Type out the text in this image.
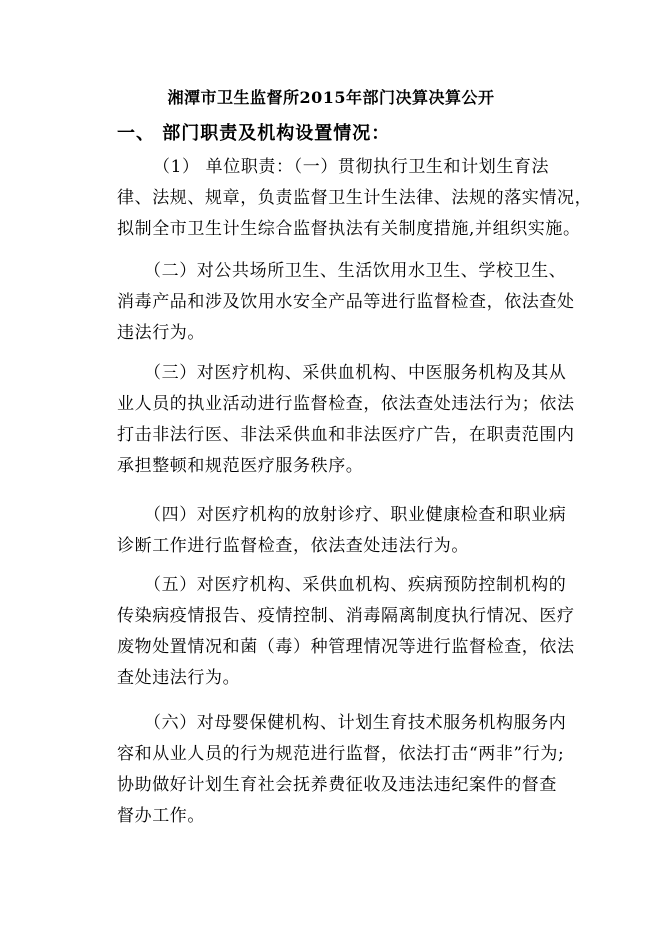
湘潭市卫生监督所2015年部门决算决算公开
一、 部门职责及机构设置情况：
（1） 单位职责：（一）贯彻执行卫生和计划生育法
律、法规、规章，负责监督卫生计生法律、法规的落实情况，
拟制全市卫生计生综合监督执法有关制度措施,并组织实施。
（二）对公共场所卫生、生活饮用水卫生、学校卫生、
消毒产品和涉及饮用水安全产品等进行监督检查，依法查处
违法行为。
（三）对医疗机构、采供血机构、中医服务机构及其从
业人员的执业活动进行监督检查，依法查处违法行为；依法
打击非法行医、非法采供血和非法医疗广告，在职责范围内
承担整顿和规范医疗服务秩序。
（四）对医疗机构的放射诊疗、职业健康检查和职业病
诊断工作进行监督检查，依法查处违法行为。
（五）对医疗机构、采供血机构、疾病预防控制机构的
传染病疫情报告、疫情控制、消毒隔离制度执行情况、医疗
废物处置情况和菌（毒）种管理情况等进行监督检查，依法
查处违法行为。
（六）对母婴保健机构、计划生育技术服务机构服务内
容和从业人员的行为规范进行监督，依法打击“两非”行为;
协助做好计划生育社会抚养费征收及违法违纪案件的督查
督办工作。
